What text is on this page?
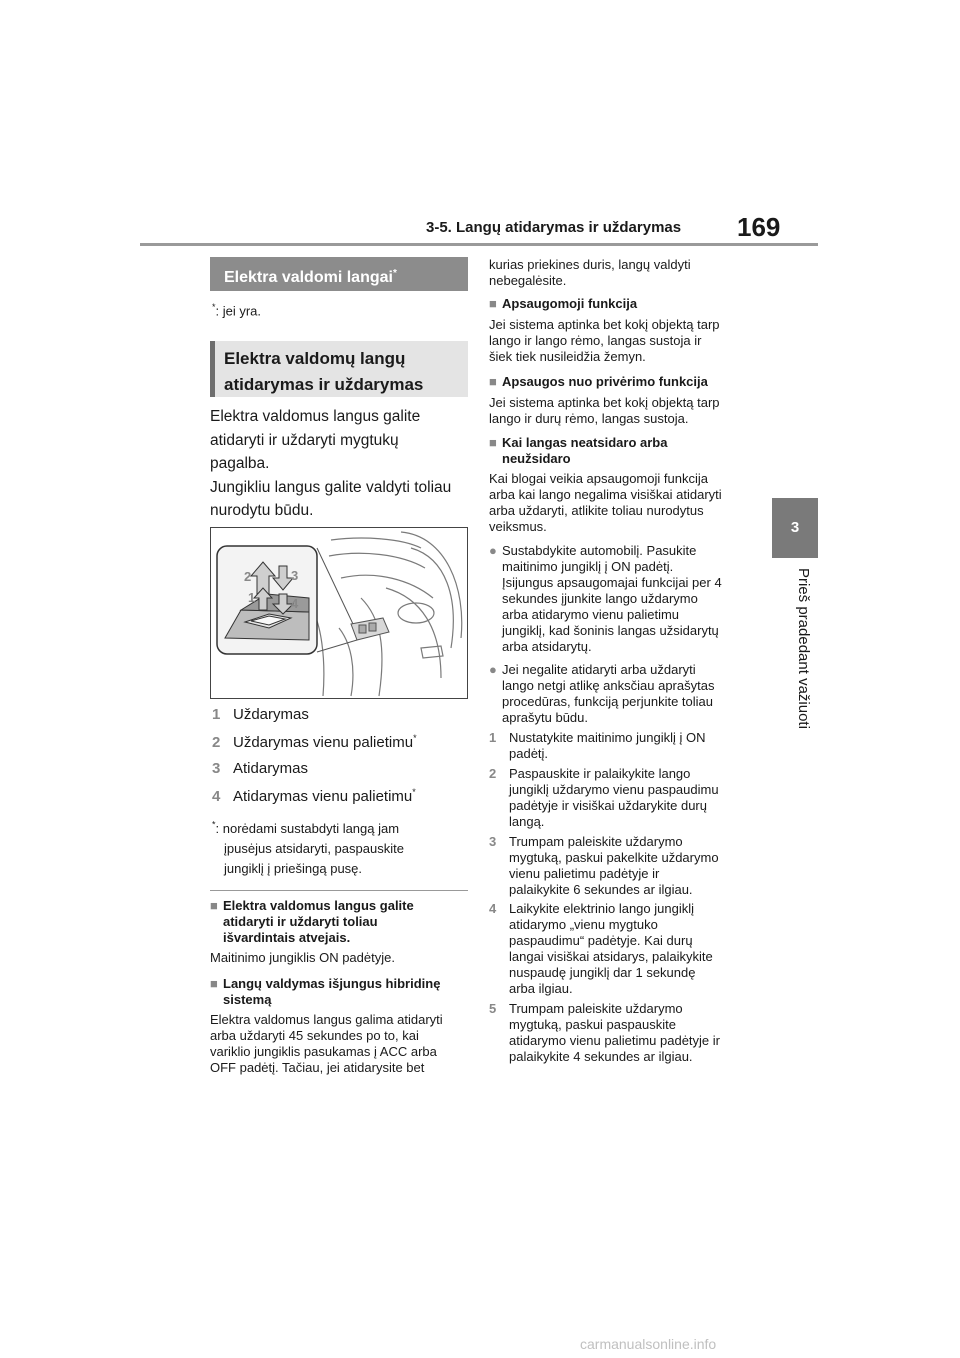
3-5. Langų atidarymas ir uždarymas 169
3
Prieš pradedant važiuoti
Elektra valdomi langai*
*: jei yra.
Elektra valdomų langų
atidarymas ir uždarymas
Elektra valdomus langus galite
atidaryti ir uždaryti mygtukų
pagalba.
Jungikliu langus galite valdyti toliau
nurodytu būdu.
2
1
3
4
1 Uždarymas
2 Uždarymas vienu palietimu*
3 Atidarymas
4 Atidarymas vienu palietimu*
*: norėdami sustabdyti langą jam
įpusėjus atsidaryti, paspauskite
jungiklį į priešingą pusę.
■ Elektra valdomus langus galite
atidaryti ir uždaryti toliau
išvardintais atvejais.
Maitinimo jungiklis ON padėtyje.
■ Langų valdymas išjungus hibridinę
sistemą
Elektra valdomus langus galima atidaryti
arba uždaryti 45 sekundes po to, kai
variklio jungiklis pasukamas į ACC arba
OFF padėtį. Tačiau, jei atidarysite bet
kurias priekines duris, langų valdyti
nebegalėsite.
■ Apsaugomoji funkcija
Jei sistema aptinka bet kokį objektą tarp
lango ir lango rėmo, langas sustoja ir
šiek tiek nusileidžia žemyn.
■ Apsaugos nuo privėrimo funkcija
Jei sistema aptinka bet kokį objektą tarp
lango ir durų rėmo, langas sustoja.
■ Kai langas neatsidaro arba
neužsidaro
Kai blogai veikia apsaugomoji funkcija
arba kai lango negalima visiškai atidaryti
arba uždaryti, atlikite toliau nurodytus
veiksmus.
● Sustabdykite automobilį. Pasukite
maitinimo jungiklį į ON padėtį.
Įsijungus apsaugomajai funkcijai per 4
sekundes įjunkite lango uždarymo
arba atidarymo vienu palietimu
jungiklį, kad šoninis langas užsidarytų
arba atsidarytų.
● Jei negalite atidaryti arba uždaryti
lango netgi atlikę anksčiau aprašytas
procedūras, funkciją perjunkite toliau
aprašytu būdu.
1 Nustatykite maitinimo jungiklį į ON
padėtį.
2 Paspauskite ir palaikykite lango
jungiklį uždarymo vienu paspaudimu
padėtyje ir visiškai uždarykite durų
langą.
3 Trumpam paleiskite uždarymo
mygtuką, paskui pakelkite uždarymo
vienu palietimu padėtyje ir
palaikykite 6 sekundes ar ilgiau.
4 Laikykite elektrinio lango jungiklį
atidarymo „vienu mygtuko
paspaudimu“ padėtyje. Kai durų
langai visiškai atsidarys, palaikykite
nuspaudę jungiklį dar 1 sekundę
arba ilgiau.
5 Trumpam paleiskite uždarymo
mygtuką, paskui paspauskite
atidarymo vienu palietimu padėtyje ir
palaikykite 4 sekundes ar ilgiau.
carmanualsonline.info
